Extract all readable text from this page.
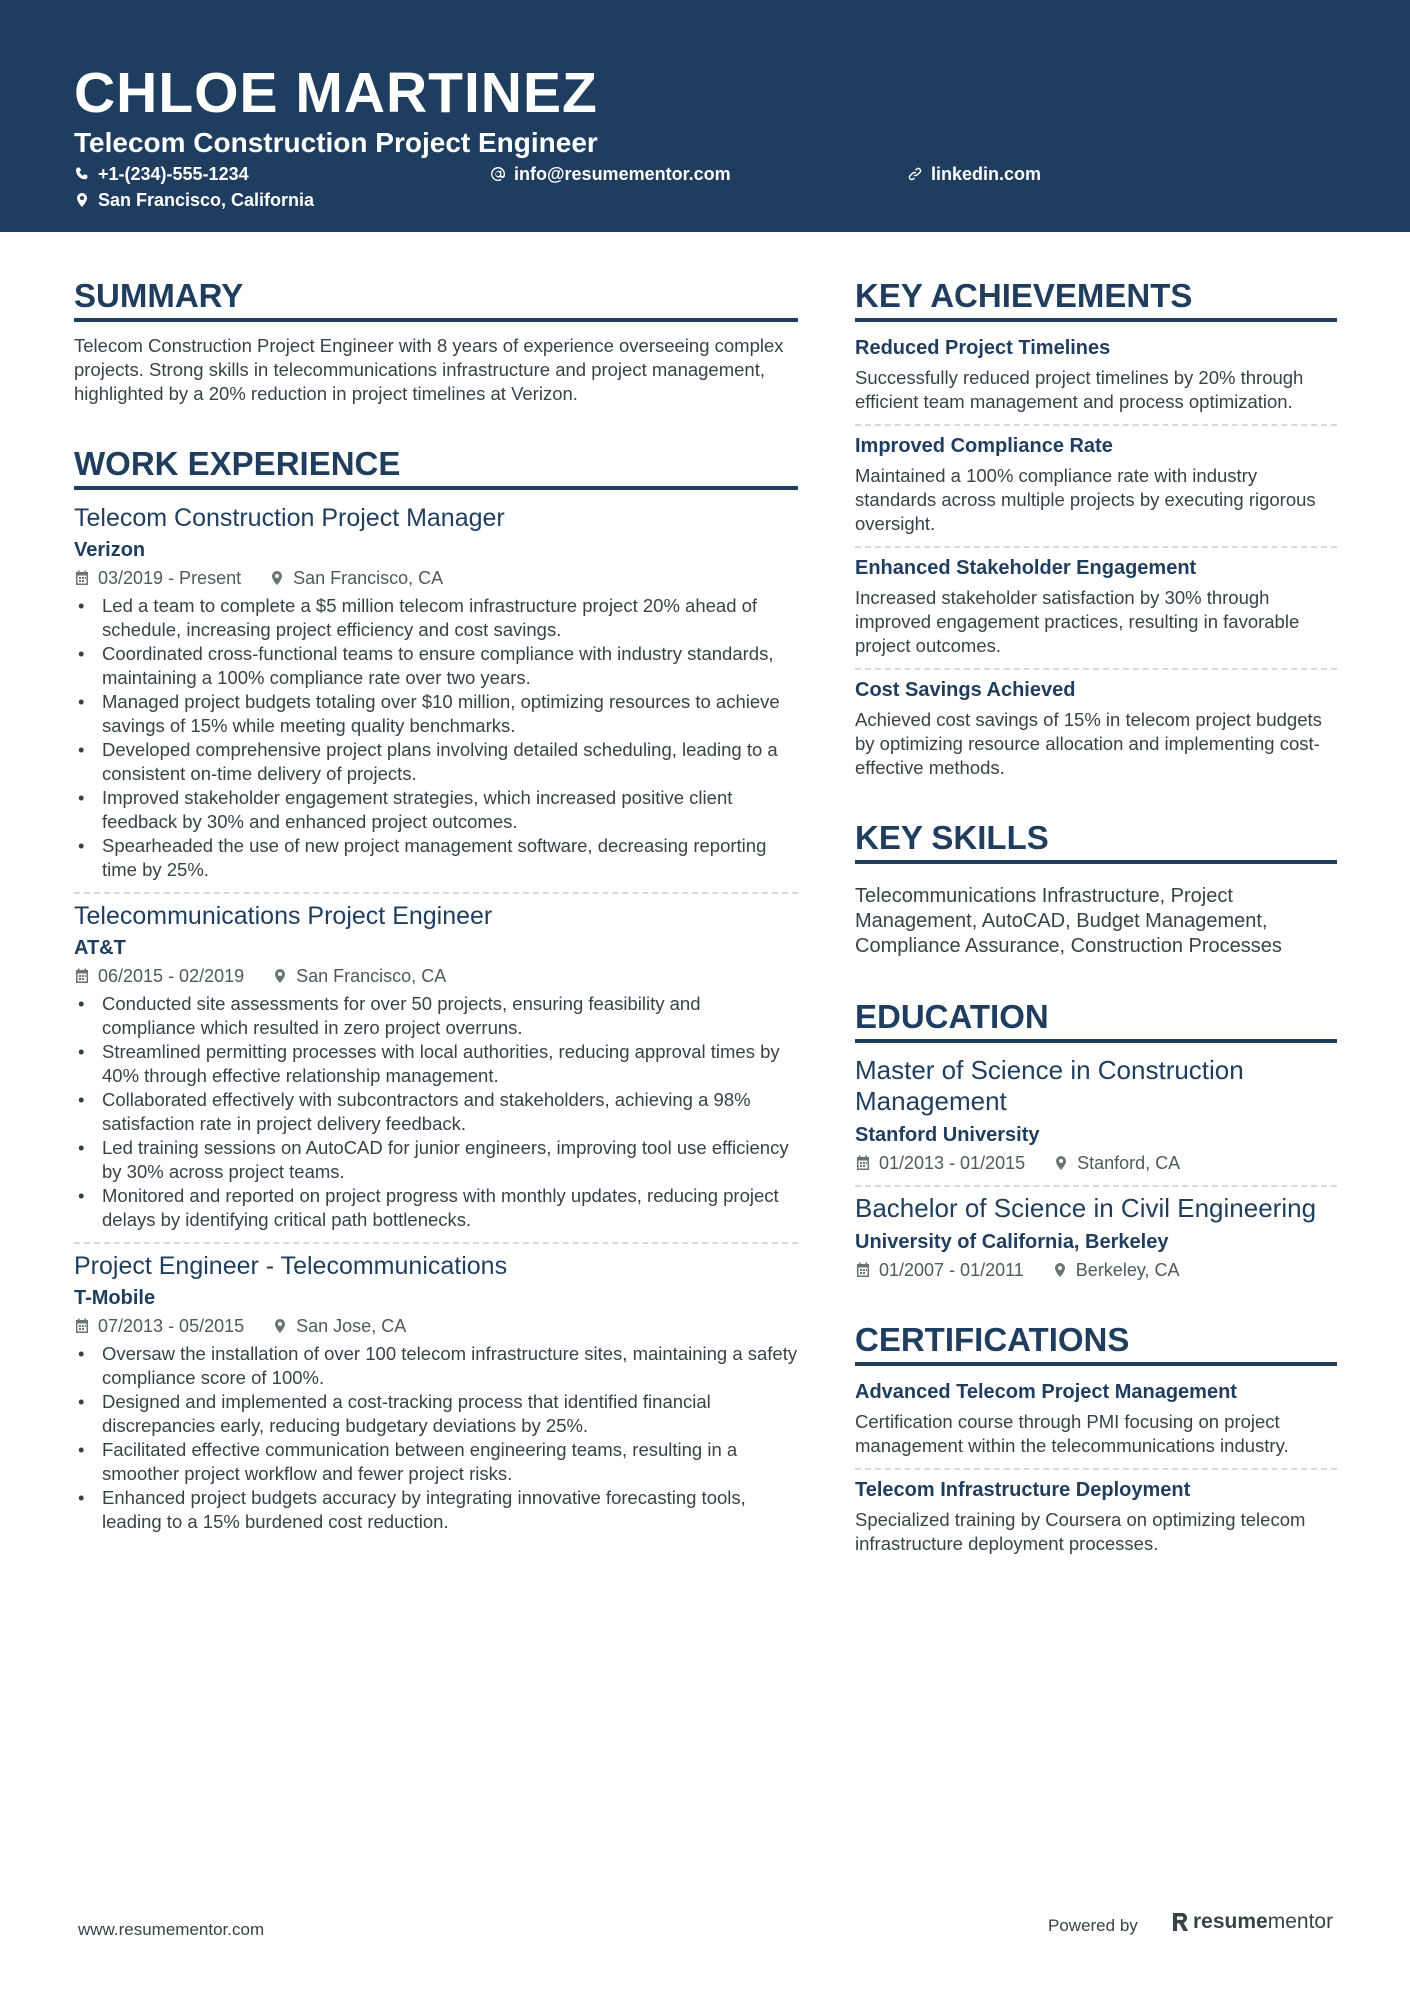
CHLOE MARTINEZ
Telecom Construction Project Engineer
+1-(234)-555-1234	info@resumementor.com	linkedin.com
San Francisco, California
SUMMARY
Telecom Construction Project Engineer with 8 years of experience overseeing complex projects. Strong skills in telecommunications infrastructure and project management, highlighted by a 20% reduction in project timelines at Verizon.
WORK EXPERIENCE
Telecom Construction Project Manager
Verizon
03/2019 - Present	San Francisco, CA
• Led a team to complete a $5 million telecom infrastructure project 20% ahead of schedule, increasing project efficiency and cost savings.
• Coordinated cross-functional teams to ensure compliance with industry standards, maintaining a 100% compliance rate over two years.
• Managed project budgets totaling over $10 million, optimizing resources to achieve savings of 15% while meeting quality benchmarks.
• Developed comprehensive project plans involving detailed scheduling, leading to a consistent on-time delivery of projects.
• Improved stakeholder engagement strategies, which increased positive client feedback by 30% and enhanced project outcomes.
• Spearheaded the use of new project management software, decreasing reporting time by 25%.
Telecommunications Project Engineer
AT&T
06/2015 - 02/2019	San Francisco, CA
• Conducted site assessments for over 50 projects, ensuring feasibility and compliance which resulted in zero project overruns.
• Streamlined permitting processes with local authorities, reducing approval times by 40% through effective relationship management.
• Collaborated effectively with subcontractors and stakeholders, achieving a 98% satisfaction rate in project delivery feedback.
• Led training sessions on AutoCAD for junior engineers, improving tool use efficiency by 30% across project teams.
• Monitored and reported on project progress with monthly updates, reducing project delays by identifying critical path bottlenecks.
Project Engineer - Telecommunications
T-Mobile
07/2013 - 05/2015	San Jose, CA
• Oversaw the installation of over 100 telecom infrastructure sites, maintaining a safety compliance score of 100%.
• Designed and implemented a cost-tracking process that identified financial discrepancies early, reducing budgetary deviations by 25%.
• Facilitated effective communication between engineering teams, resulting in a smoother project workflow and fewer project risks.
• Enhanced project budgets accuracy by integrating innovative forecasting tools, leading to a 15% burdened cost reduction.
KEY ACHIEVEMENTS
Reduced Project Timelines
Successfully reduced project timelines by 20% through efficient team management and process optimization.
Improved Compliance Rate
Maintained a 100% compliance rate with industry standards across multiple projects by executing rigorous oversight.
Enhanced Stakeholder Engagement
Increased stakeholder satisfaction by 30% through improved engagement practices, resulting in favorable project outcomes.
Cost Savings Achieved
Achieved cost savings of 15% in telecom project budgets by optimizing resource allocation and implementing cost-effective methods.
KEY SKILLS
Telecommunications Infrastructure, Project Management, AutoCAD, Budget Management, Compliance Assurance, Construction Processes
EDUCATION
Master of Science in Construction Management
Stanford University
01/2013 - 01/2015	Stanford, CA
Bachelor of Science in Civil Engineering
University of California, Berkeley
01/2007 - 01/2011	Berkeley, CA
CERTIFICATIONS
Advanced Telecom Project Management
Certification course through PMI focusing on project management within the telecommunications industry.
Telecom Infrastructure Deployment
Specialized training by Coursera on optimizing telecom infrastructure deployment processes.
www.resumementor.com	Powered by	resume mentor
